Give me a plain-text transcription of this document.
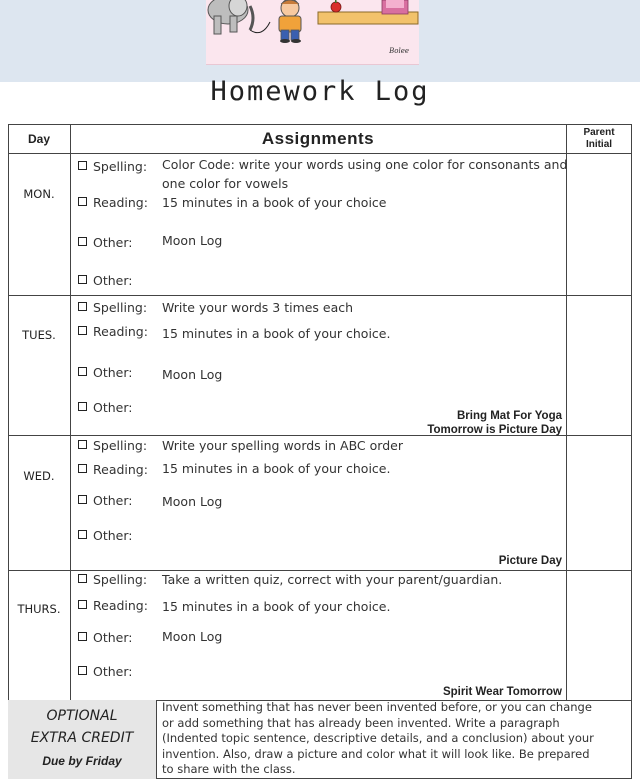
Bolee
Homework Log
Day	Assignments	Parent
Initial
MON.
Spelling: Color Code: write your words using one color for consonants and
one color for vowels
Reading: 15 minutes in a book of your choice
Other: Moon Log
Other:
TUES.
Spelling: Write your words 3 times each
Reading: 15 minutes in a book of your choice.
Other: Moon Log
Other:
Bring Mat For Yoga
Tomorrow is Picture Day
WED.
Spelling: Write your spelling words in ABC order
Reading: 15 minutes in a book of your choice.
Other: Moon Log
Other:
Picture Day
THURS.
Spelling: Take a written quiz, correct with your parent/guardian.
Reading: 15 minutes in a book of your choice.
Other: Moon Log
Other:
Spirit Wear Tomorrow
OPTIONAL
EXTRA CREDIT
Due by Friday
Invent something that has never been invented before, or you can change
or add something that has already been invented. Write a paragraph
(Indented topic sentence, descriptive details, and a conclusion) about your
invention. Also, draw a picture and color what it will look like. Be prepared
to share with the class.
